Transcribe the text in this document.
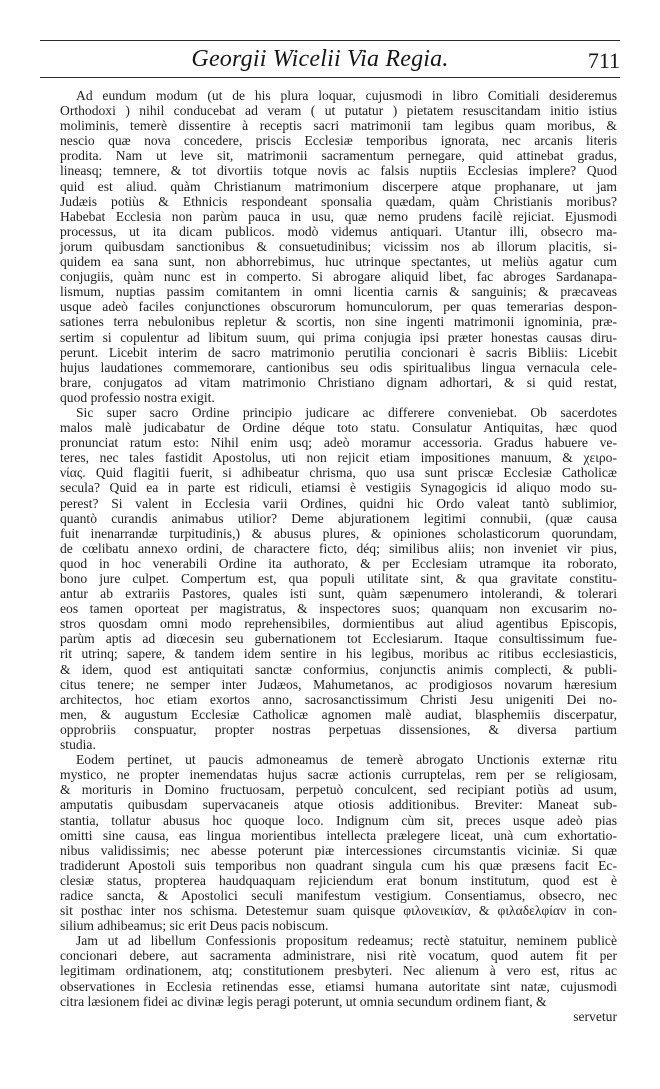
Georgii Wicelii Via Regia.	711
Ad eundum modum (ut de his plura loquar, cujusmodi in libro Comitiali desideremus
Orthodoxi ) nihil conducebat ad veram ( ut putatur ) pietatem resuscitandam initio istius
moliminis, temerè dissentire à receptis sacri matrimonii tam legibus quam moribus, &
nescio quæ nova concedere, priscis Ecclesiæ temporibus ignorata, nec arcanis literis
prodita. Nam ut leve sit, matrimonii sacramentum pernegare, quid attinebat gradus,
lineasq; temnere, & tot divortiis totque novis ac falsis nuptiis Ecclesias implere? Quod
quid est aliud. quàm Christianum matrimonium discerpere atque prophanare, ut jam
Judæis potiùs & Ethnicis respondeant sponsalia quædam, quàm Christianis moribus?
Habebat Ecclesia non parùm pauca in usu, quæ nemo prudens facilè rejiciat. Ejusmodi
processus, ut ita dicam publicos. modò videmus antiquari. Utantur illi, obsecro ma-
jorum quibusdam sanctionibus & consuetudinibus; vicissim nos ab illorum placitis, si-
quidem ea sana sunt, non abhorrebimus, huc utrinque spectantes, ut meliùs agatur cum
conjugiis, quàm nunc est in comperto. Si abrogare aliquid libet, fac abroges Sardanapa-
lismum, nuptias passim comitantem in omni licentia carnis & sanguinis; & præcaveas
usque adeò faciles conjunctiones obscurorum homunculorum, per quas temerarias despon-
sationes terra nebulonibus repletur & scortis, non sine ingenti matrimonii ignominia, præ-
sertim si copulentur ad libitum suum, qui prima conjugia ipsi præter honestas causas diru-
perunt. Licebit interim de sacro matrimonio perutilia concionari è sacris Bibliis: Licebit
hujus laudationes commemorare, cantionibus seu odis spiritualibus lingua vernacula cele-
brare, conjugatos ad vitam matrimonio Christiano dignam adhortari, & si quid restat,
quod professio nostra exigit.
Sic super sacro Ordine principio judicare ac differere conveniebat. Ob sacerdotes
malos malè judicabatur de Ordine déque toto statu. Consulatur Antiquitas, hæc quod
pronunciat ratum esto: Nihil enim usq; adeò moramur accessoria. Gradus habuere ve-
teres, nec tales fastidit Apostolus, uti non rejicit etiam impositiones manuum, & χειρο-
νίας. Quid flagitii fuerit, si adhibeatur chrisma, quo usa sunt priscæ Ecclesiæ Catholicæ
secula? Quid ea in parte est ridiculi, etiamsi è vestigiis Synagogicis id aliquo modo su-
perest? Si valent in Ecclesia varii Ordines, quidni hic Ordo valeat tantò sublimior,
quantò curandis animabus utilior? Deme abjurationem legitimi connubii, (quæ causa
fuit inenarrandæ turpitudinis,) & abusus plures, & opiniones scholasticorum quorundam,
de cœlibatu annexo ordini, de charactere ficto, déq; similibus aliis; non inveniet vir pius,
quod in hoc venerabili Ordine ita authorato, & per Ecclesiam utramque ita roborato,
bono jure culpet. Compertum est, qua populi utilitate sint, & qua gravitate constitu-
antur ab extrariis Pastores, quales isti sunt, quàm sæpenumero intolerandi, & tolerari
eos tamen oporteat per magistratus, & inspectores suos; quanquam non excusarim no-
stros quosdam omni modo reprehensibiles, dormientibus aut aliud agentibus Episcopis,
parùm aptis ad diœcesin seu gubernationem tot Ecclesiarum. Itaque consultissimum fue-
rit utrinq; sapere, & tandem idem sentire in his legibus, moribus ac ritibus ecclesiasticis,
& idem, quod est antiquitati sanctæ conformius, conjunctis animis complecti, & publi-
citus tenere; ne semper inter Judæos, Mahumetanos, ac prodigiosos novarum hæresium
architectos, hoc etiam exortos anno, sacrosanctissimum Christi Jesu unigeniti Dei no-
men, & augustum Ecclesiæ Catholicæ agnomen malè audiat, blasphemiis discerpatur,
opprobriis conspuatur, propter nostras perpetuas dissensiones, & diversa partium
studia.
Eodem pertinet, ut paucis admoneamus de temerè abrogato Unctionis externæ ritu
mystico, ne propter inemendatas hujus sacræ actionis curruptelas, rem per se religiosam,
& morituris in Domino fructuosam, perpetuò conculcent, sed recipiant potiùs ad usum,
amputatis quibusdam supervacaneis atque otiosis additionibus. Breviter: Maneat sub-
stantia, tollatur abusus hoc quoque loco. Indignum cùm sit, preces usque adeò pias
omitti sine causa, eas lingua morientibus intellecta prælegere liceat, unà cum exhortatio-
nibus validissimis; nec abesse poterunt piæ intercessiones circumstantis viciniæ. Si quæ
tradiderunt Apostoli suis temporibus non quadrant singula cum his quæ præsens facit Ec-
clesiæ status, propterea haudquaquam rejiciendum erat bonum institutum, quod est è
radice sancta, & Apostolici seculi manifestum vestigium. Consentiamus, obsecro, nec
sit posthac inter nos schisma. Detestemur suam quisque φιλονεικίαν, & φιλαδελφίαν in con-
silium adhibeamus; sic erit Deus pacis nobiscum.
Jam ut ad libellum Confessionis propositum redeamus; rectè statuitur, neminem publicè
concionari debere, aut sacramenta administrare, nisi ritè vocatum, quod autem fit per
legitimam ordinationem, atq; constitutionem presbyteri. Nec alienum à vero est, ritus ac
observationes in Ecclesia retinendas esse, etiamsi humana autoritate sint natæ, cujusmodi
citra læsionem fidei ac divinæ legis peragi poterunt, ut omnia secundum ordinem fiant, &
servetur
